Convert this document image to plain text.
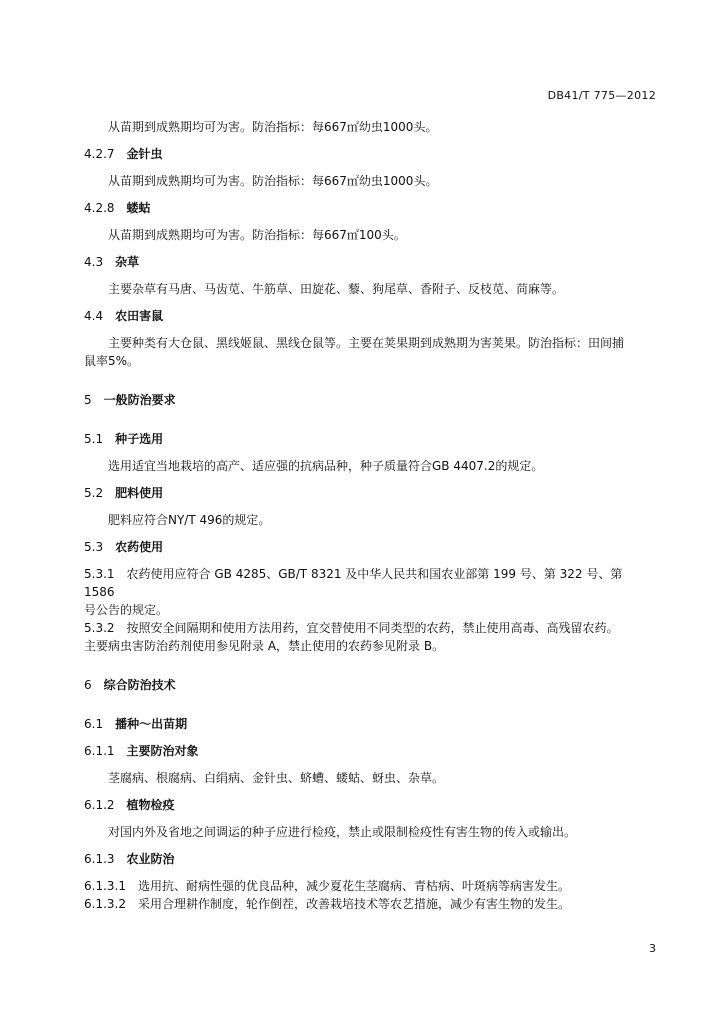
DB41/T 775—2012

从苗期到成熟期均可为害。防治指标：每667㎡幼虫1000头。

4.2.7 金针虫

从苗期到成熟期均可为害。防治指标：每667㎡幼虫1000头。

4.2.8 蝼蛄

从苗期到成熟期均可为害。防治指标：每667㎡100头。

4.3 杂草

主要杂草有马唐、马齿苋、牛筋草、田旋花、藜、狗尾草、香附子、反枝苋、苘麻等。

4.4 农田害鼠

主要种类有大仓鼠、黑线姬鼠、黑线仓鼠等。主要在荚果期到成熟期为害荚果。防治指标：田间捕

鼠率5%。

5 一般防治要求

5.1 种子选用

选用适宜当地栽培的高产、适应强的抗病品种，种子质量符合GB 4407.2的规定。

5.2 肥料使用

肥料应符合NY/T 496的规定。

5.3 农药使用

5.3.1　农药使用应符合 GB 4285、GB/T 8321 及中华人民共和国农业部第 199 号、第 322 号、第 1586

号公告的规定。

5.3.2　按照安全间隔期和使用方法用药，宜交替使用不同类型的农药，禁止使用高毒、高残留农药。

主要病虫害防治药剂使用参见附录 A，禁止使用的农药参见附录 B。

6 综合防治技术

6.1 播种～出苗期

6.1.1 主要防治对象

茎腐病、根腐病、白绢病、金针虫、蛴螬、蝼蛄、蚜虫、杂草。

6.1.2 植物检疫

对国内外及省地之间调运的种子应进行检疫，禁止或限制检疫性有害生物的传入或输出。

6.1.3 农业防治

6.1.3.1　选用抗、耐病性强的优良品种，减少夏花生茎腐病、青枯病、叶斑病等病害发生。

6.1.3.2　采用合理耕作制度，轮作倒茬，改善栽培技术等农艺措施，减少有害生物的发生。

3
